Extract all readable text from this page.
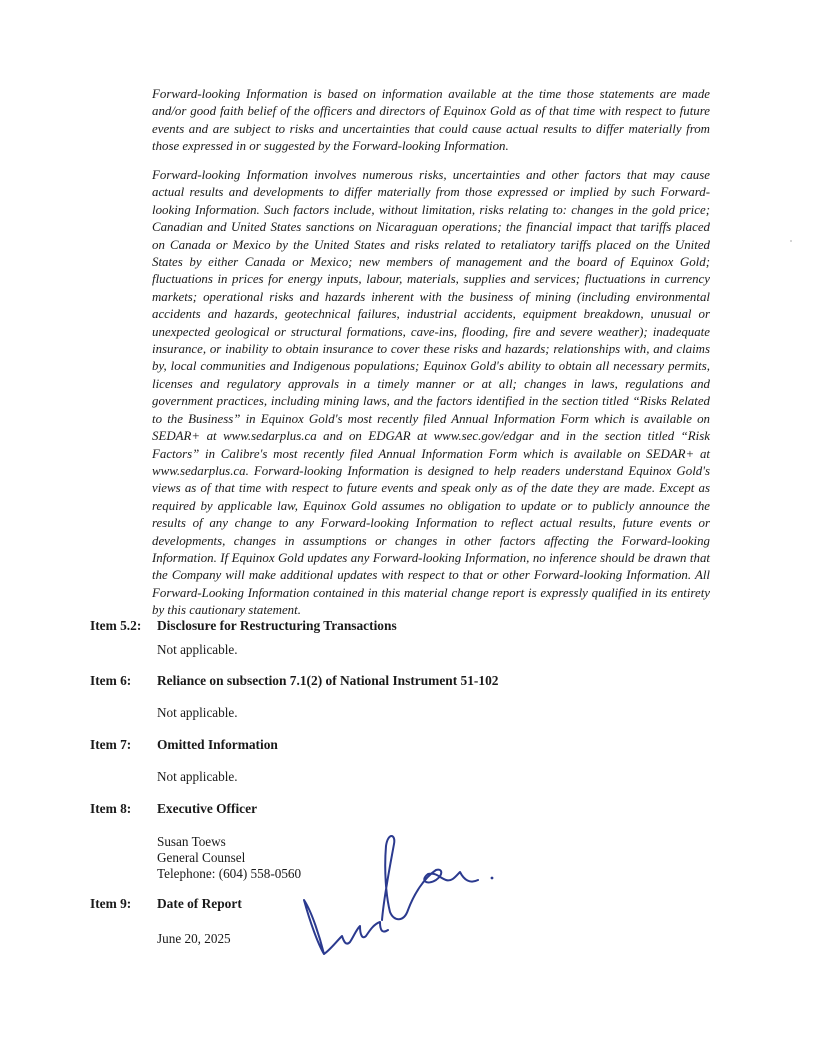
Forward-looking Information is based on information available at the time those statements are made and/or good faith belief of the officers and directors of Equinox Gold as of that time with respect to future events and are subject to risks and uncertainties that could cause actual results to differ materially from those expressed in or suggested by the Forward-looking Information.

Forward-looking Information involves numerous risks, uncertainties and other factors that may cause actual results and developments to differ materially from those expressed or implied by such Forward-looking Information. Such factors include, without limitation, risks relating to: changes in the gold price; Canadian and United States sanctions on Nicaraguan operations; the financial impact that tariffs placed on Canada or Mexico by the United States and risks related to retaliatory tariffs placed on the United States by either Canada or Mexico; new members of management and the board of Equinox Gold; fluctuations in prices for energy inputs, labour, materials, supplies and services; fluctuations in currency markets; operational risks and hazards inherent with the business of mining (including environmental accidents and hazards, geotechnical failures, industrial accidents, equipment breakdown, unusual or unexpected geological or structural formations, cave-ins, flooding, fire and severe weather); inadequate insurance, or inability to obtain insurance to cover these risks and hazards; relationships with, and claims by, local communities and Indigenous populations; Equinox Gold's ability to obtain all necessary permits, licenses and regulatory approvals in a timely manner or at all; changes in laws, regulations and government practices, including mining laws, and the factors identified in the section titled “Risks Related to the Business” in Equinox Gold's most recently filed Annual Information Form which is available on SEDAR+ at www.sedarplus.ca and on EDGAR at www.sec.gov/edgar and in the section titled “Risk Factors” in Calibre's most recently filed Annual Information Form which is available on SEDAR+ at www.sedarplus.ca. Forward-looking Information is designed to help readers understand Equinox Gold's views as of that time with respect to future events and speak only as of the date they are made. Except as required by applicable law, Equinox Gold assumes no obligation to update or to publicly announce the results of any change to any Forward-looking Information to reflect actual results, future events or developments, changes in assumptions or changes in other factors affecting the Forward-looking Information. If Equinox Gold updates any Forward-looking Information, no inference should be drawn that the Company will make additional updates with respect to that or other Forward-looking Information. All Forward-Looking Information contained in this material change report is expressly qualified in its entirety by this cautionary statement.

Item 5.2: Disclosure for Restructuring Transactions
Not applicable.
Item 6: Reliance on subsection 7.1(2) of National Instrument 51-102
Not applicable.
Item 7: Omitted Information
Not applicable.
Item 8: Executive Officer
Susan Toews
General Counsel
Telephone: (604) 558-0560
Item 9: Date of Report
June 20, 2025
